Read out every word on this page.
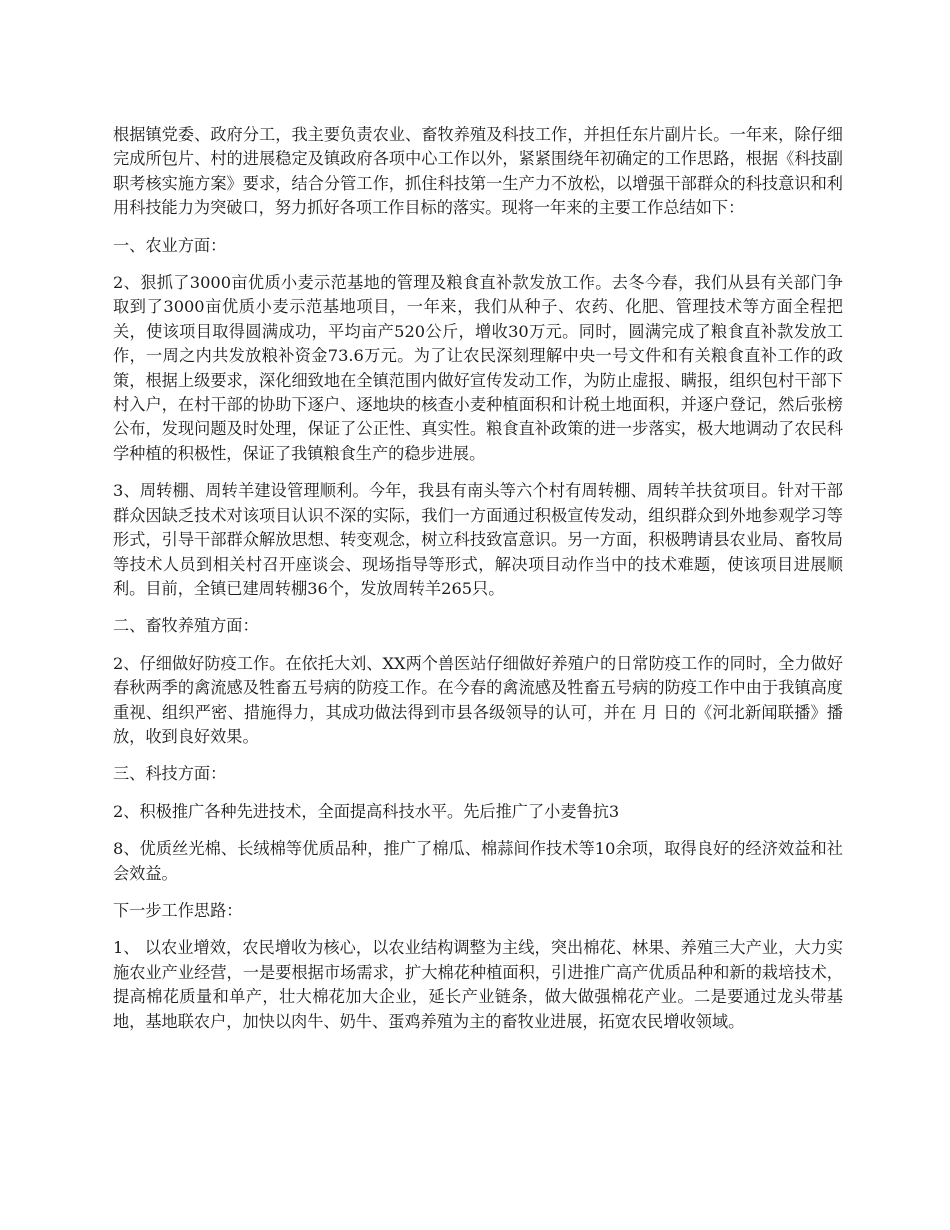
根据镇党委、政府分工，我主要负责农业、畜牧养殖及科技工作，并担任东片副片长。一年来，除仔细完成所包片、村的进展稳定及镇政府各项中心工作以外，紧紧围绕年初确定的工作思路，根据《科技副职考核实施方案》要求，结合分管工作，抓住科技第一生产力不放松，以增强干部群众的科技意识和利用科技能力为突破口，努力抓好各项工作目标的落实。现将一年来的主要工作总结如下：

一、农业方面：

2、狠抓了3000亩优质小麦示范基地的管理及粮食直补款发放工作。去冬今春，我们从县有关部门争取到了3000亩优质小麦示范基地项目，一年来，我们从种子、农药、化肥、管理技术等方面全程把关，使该项目取得圆满成功，平均亩产520公斤，增收30万元。同时，圆满完成了粮食直补款发放工作，一周之内共发放粮补资金73.6万元。为了让农民深刻理解中央一号文件和有关粮食直补工作的政策，根据上级要求，深化细致地在全镇范围内做好宣传发动工作，为防止虚报、瞒报，组织包村干部下村入户，在村干部的协助下逐户、逐地块的核查小麦种植面积和计税土地面积，并逐户登记，然后张榜公布，发现问题及时处理，保证了公正性、真实性。粮食直补政策的进一步落实，极大地调动了农民科学种植的积极性，保证了我镇粮食生产的稳步进展。

3、周转棚、周转羊建设管理顺利。今年，我县有南头等六个村有周转棚、周转羊扶贫项目。针对干部群众因缺乏技术对该项目认识不深的实际，我们一方面通过积极宣传发动，组织群众到外地参观学习等形式，引导干部群众解放思想、转变观念，树立科技致富意识。另一方面，积极聘请县农业局、畜牧局等技术人员到相关村召开座谈会、现场指导等形式，解决项目动作当中的技术难题，使该项目进展顺利。目前，全镇已建周转棚36个，发放周转羊265只。

二、畜牧养殖方面：

2、仔细做好防疫工作。在依托大刘、XX两个兽医站仔细做好养殖户的日常防疫工作的同时，全力做好春秋两季的禽流感及牲畜五号病的防疫工作。在今春的禽流感及牲畜五号病的防疫工作中由于我镇高度重视、组织严密、措施得力，其成功做法得到市县各级领导的认可，并在 月 日的《河北新闻联播》播放，收到良好效果。

三、科技方面：

2、积极推广各种先进技术，全面提高科技水平。先后推广了小麦鲁抗3

8、优质丝光棉、长绒棉等优质品种，推广了棉瓜、棉蒜间作技术等10余项，取得良好的经济效益和社会效益。

下一步工作思路：

1、 以农业增效，农民增收为核心，以农业结构调整为主线，突出棉花、林果、养殖三大产业，大力实施农业产业经营，一是要根据市场需求，扩大棉花种植面积，引进推广高产优质品种和新的栽培技术，提高棉花质量和单产，壮大棉花加大企业，延长产业链条，做大做强棉花产业。二是要通过龙头带基地，基地联农户，加快以肉牛、奶牛、蛋鸡养殖为主的畜牧业进展，拓宽农民增收领域。
